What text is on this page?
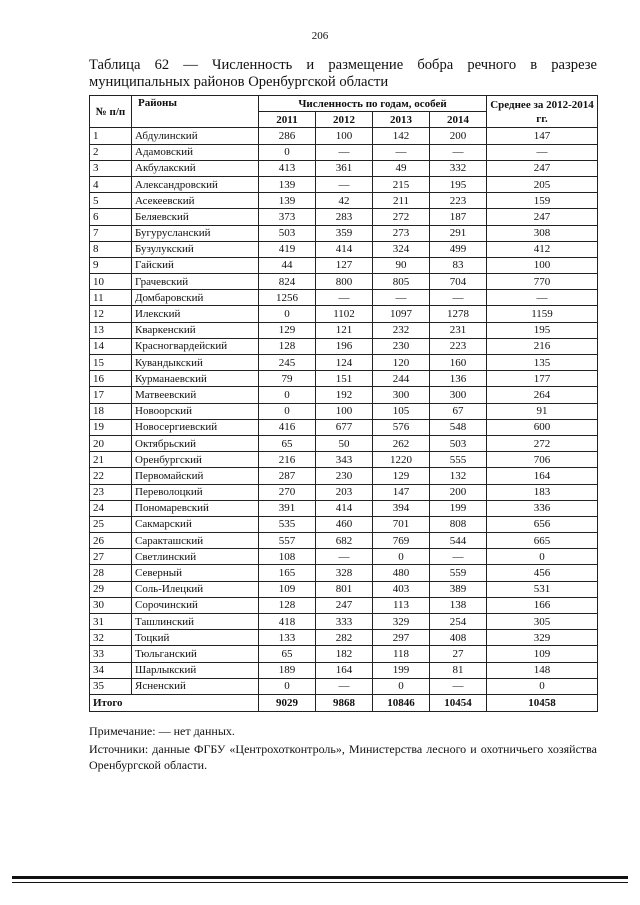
206
Таблица 62 — Численность и размещение бобра речного в разрезе
муниципальных районов Оренбургской области
№ п/п	Районы	Численность по годам, особей				Среднее за 2012-2014 гг.
		2011	2012	2013	2014	
1	Абдулинский	286	100	142	200	147
2	Адамовский	0	—	—	—	—
3	Акбулакский	413	361	49	332	247
4	Александровский	139	—	215	195	205
5	Асекеевский	139	42	211	223	159
6	Беляевский	373	283	272	187	247
7	Бугурусланский	503	359	273	291	308
8	Бузулукский	419	414	324	499	412
9	Гайский	44	127	90	83	100
10	Грачевский	824	800	805	704	770
11	Домбаровский	1256	—	—	—	—
12	Илекский	0	1102	1097	1278	1159
13	Кваркенский	129	121	232	231	195
14	Красногвардейский	128	196	230	223	216
15	Кувандыкский	245	124	120	160	135
16	Курманаевский	79	151	244	136	177
17	Матвеевский	0	192	300	300	264
18	Новоорский	0	100	105	67	91
19	Новосергиевский	416	677	576	548	600
20	Октябрьский	65	50	262	503	272
21	Оренбургский	216	343	1220	555	706
22	Первомайский	287	230	129	132	164
23	Переволоцкий	270	203	147	200	183
24	Пономаревский	391	414	394	199	336
25	Сакмарский	535	460	701	808	656
26	Саракташский	557	682	769	544	665
27	Светлинский	108	—	0	—	0
28	Северный	165	328	480	559	456
29	Соль-Илецкий	109	801	403	389	531
30	Сорочинский	128	247	113	138	166
31	Ташлинский	418	333	329	254	305
32	Тоцкий	133	282	297	408	329
33	Тюльганский	65	182	118	27	109
34	Шарлыкский	189	164	199	81	148
35	Ясненский	0	—	0	—	0
Итого		9029	9868	10846	10454	10458
Примечание: — нет данных.
Источники: данные ФГБУ «Центрохотконтроль», Министерства лесного и охотничьего хозяйства Оренбургской области.
